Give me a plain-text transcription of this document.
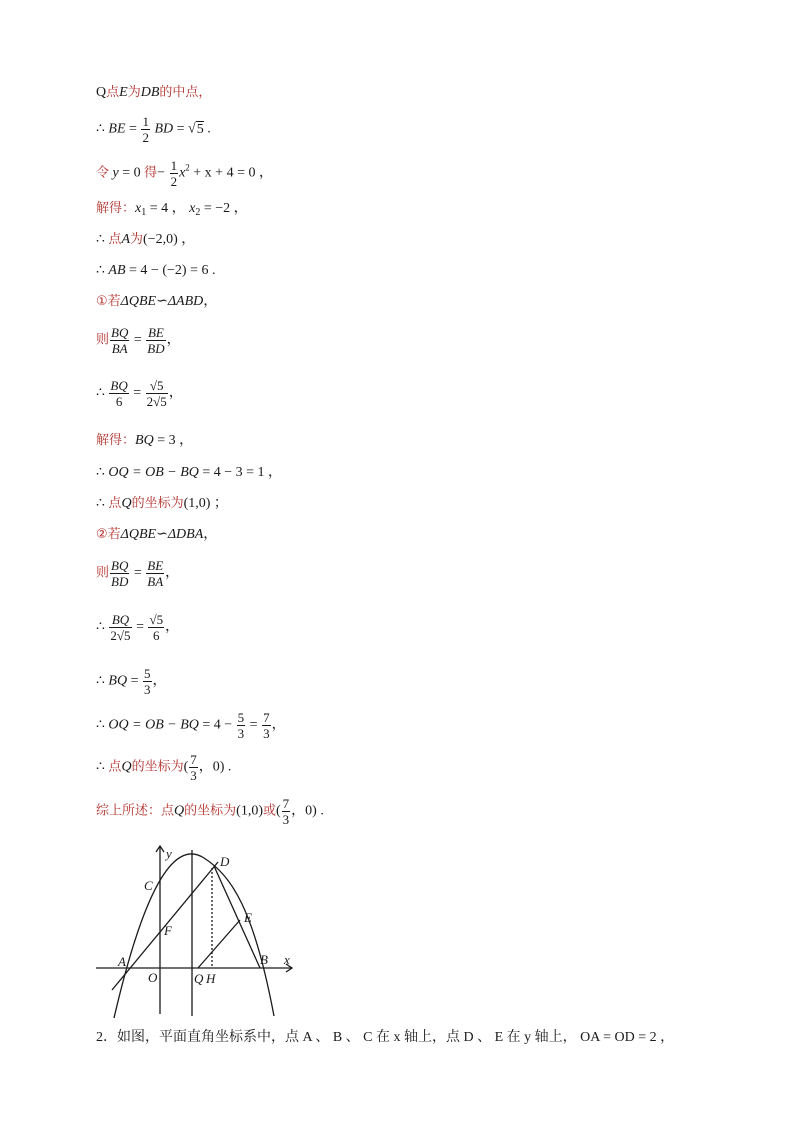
Q点E为DB的中点，
∴ BE = $\frac{1}{2}$ BD = √5 .
令 y = 0 得− $\frac{1}{2} x^2 + x + 4 = 0$ ，
解得：$x_1 = 4$ ， $x_2 = -2$ ，
∴ 点A为(−2,0) ，
∴ AB = 4 − (−2) = 6 .
①若ΔQBE∽ΔABD，
则 $\frac{BQ}{BA} = \frac{BE}{BD}$ ，
∴ $\frac{BQ}{6} = \frac{√5}{2√5}$ ，
解得：BQ = 3 ，
∴ OQ = OB − BQ = 4 − 3 = 1 ，
∴ 点Q的坐标为(1,0) ；
②若ΔQBE∽ΔDBA，
则 $\frac{BQ}{BD} = \frac{BE}{BA}$ ，
∴ $\frac{BQ}{2√5} = \frac{√5}{6}$ ，
∴ BQ = $\frac{5}{3}$ ，
∴ OQ = OB − BQ = $4 - \frac{5}{3} = \frac{7}{3}$ ，
∴ 点Q的坐标为( $\frac{7}{3}$ ，0) .
综上所述：点Q的坐标为(1,0)或( $\frac{7}{3}$ ，0) .
y
x
C
D
E
F
A
O	Q H
B
2．如图，平面直角坐标系中，点 A 、 B 、 C 在 x 轴上，点 D 、 E 在 y 轴上， OA = OD = 2 ，
